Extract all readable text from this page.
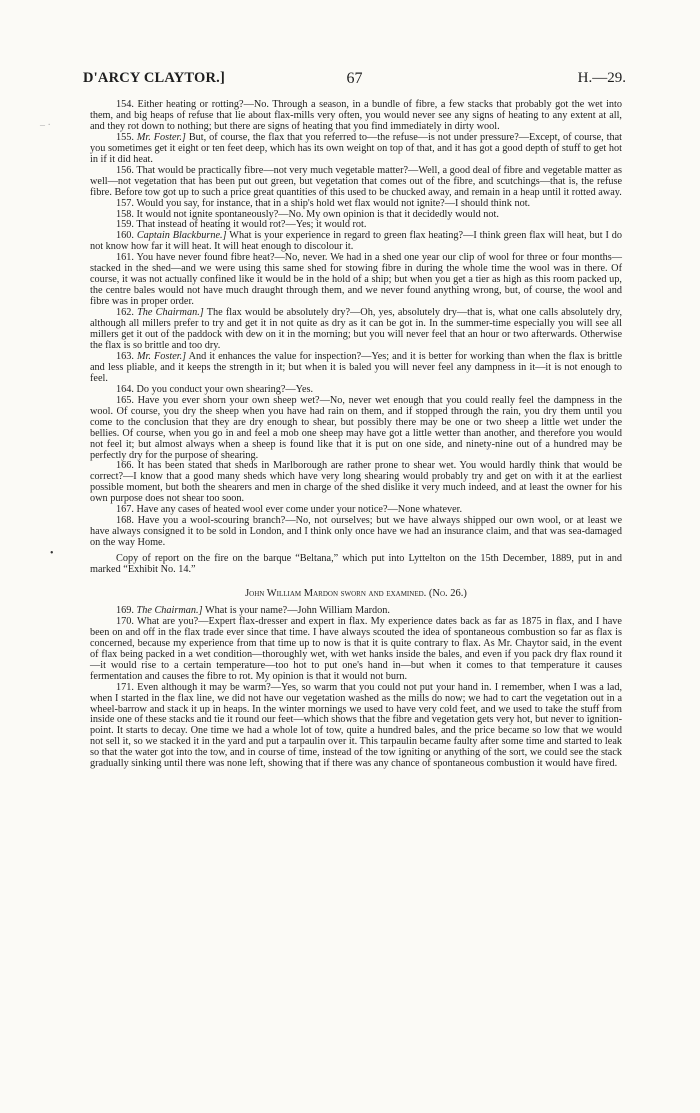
D'ARCY CLAYTOR.]	67	H.—29.
– ·
•

154. Either heating or rotting?—No. Through a season, in a bundle of fibre, a few stacks that probably got the wet into them, and big heaps of refuse that lie about flax-mills very often, you would never see any signs of heating to any extent at all, and they rot down to nothing; but there are signs of heating that you find immediately in dirty wool.

155. Mr. Foster.] But, of course, the flax that you referred to—the refuse—is not under pressure?—Except, of course, that you sometimes get it eight or ten feet deep, which has its own weight on top of that, and it has got a good depth of stuff to get hot in if it did heat.

156. That would be practically fibre—not very much vegetable matter?—Well, a good deal of fibre and vegetable matter as well—not vegetation that has been put out green, but vegetation that comes out of the fibre, and scutchings—that is, the refuse fibre. Before tow got up to such a price great quantities of this used to be chucked away, and remain in a heap until it rotted away.

157. Would you say, for instance, that in a ship's hold wet flax would not ignite?—I should think not.

158. It would not ignite spontaneously?—No. My own opinion is that it decidedly would not.

159. That instead of heating it would rot?—Yes; it would rot.

160. Captain Blackburne.] What is your experience in regard to green flax heating?—I think green flax will heat, but I do not know how far it will heat. It will heat enough to discolour it.

161. You have never found fibre heat?—No, never. We had in a shed one year our clip of wool for three or four months—stacked in the shed—and we were using this same shed for stowing fibre in during the whole time the wool was in there. Of course, it was not actually confined like it would be in the hold of a ship; but when you get a tier as high as this room packed up, the centre bales would not have much draught through them, and we never found anything wrong, but, of course, the wool and fibre was in proper order.

162. The Chairman.] The flax would be absolutely dry?—Oh, yes, absolutely dry—that is, what one calls absolutely dry, although all millers prefer to try and get it in not quite as dry as it can be got in. In the summer-time especially you will see all millers get it out of the paddock with dew on it in the morning; but you will never feel that an hour or two afterwards. Otherwise the flax is so brittle and too dry.

163. Mr. Foster.] And it enhances the value for inspection?—Yes; and it is better for working than when the flax is brittle and less pliable, and it keeps the strength in it; but when it is baled you will never feel any dampness in it—it is not enough to feel.

164. Do you conduct your own shearing?—Yes.

165. Have you ever shorn your own sheep wet?—No, never wet enough that you could really feel the dampness in the wool. Of course, you dry the sheep when you have had rain on them, and if stopped through the rain, you dry them until you come to the conclusion that they are dry enough to shear, but possibly there may be one or two sheep a little wet under the bellies. Of course, when you go in and feel a mob one sheep may have got a little wetter than another, and therefore you would not feel it; but almost always when a sheep is found like that it is put on one side, and ninety-nine out of a hundred may be perfectly dry for the purpose of shearing.

166. It has been stated that sheds in Marlborough are rather prone to shear wet. You would hardly think that would be correct?—I know that a good many sheds which have very long shearing would probably try and get on with it at the earliest possible moment, but both the shearers and men in charge of the shed dislike it very much indeed, and at least the owner for his own purpose does not shear too soon.

167. Have any cases of heated wool ever come under your notice?—None whatever.

168. Have you a wool-scouring branch?—No, not ourselves; but we have always shipped our own wool, or at least we have always consigned it to be sold in London, and I think only once have we had an insurance claim, and that was sea-damaged on the way Home.

Copy of report on the fire on the barque “Beltana,” which put into Lyttelton on the 15th December, 1889, put in and marked “Exhibit No. 14.”

John William Mardon sworn and examined. (No. 26.)

169. The Chairman.] What is your name?—John William Mardon.

170. What are you?—Expert flax-dresser and expert in flax. My experience dates back as far as 1875 in flax, and I have been on and off in the flax trade ever since that time. I have always scouted the idea of spontaneous combustion so far as flax is concerned, because my experience from that time up to now is that it is quite contrary to flax. As Mr. Chaytor said, in the event of flax being packed in a wet condition—thoroughly wet, with wet hanks inside the bales, and even if you pack dry flax round it—it would rise to a certain temperature—too hot to put one's hand in—but when it comes to that temperature it causes fermentation and causes the fibre to rot. My opinion is that it would not burn.

171. Even although it may be warm?—Yes, so warm that you could not put your hand in. I remember, when I was a lad, when I started in the flax line, we did not have our vegetation washed as the mills do now; we had to cart the vegetation out in a wheel-barrow and stack it up in heaps. In the winter mornings we used to have very cold feet, and we used to take the stuff from inside one of these stacks and tie it round our feet—which shows that the fibre and vegetation gets very hot, but never to ignition-point. It starts to decay. One time we had a whole lot of tow, quite a hundred bales, and the price became so low that we would not sell it, so we stacked it in the yard and put a tarpaulin over it. This tarpaulin became faulty after some time and started to leak so that the water got into the tow, and in course of time, instead of the tow igniting or anything of the sort, we could see the stack gradually sinking until there was none left, showing that if there was any chance of spontaneous combustion it would have fired.
